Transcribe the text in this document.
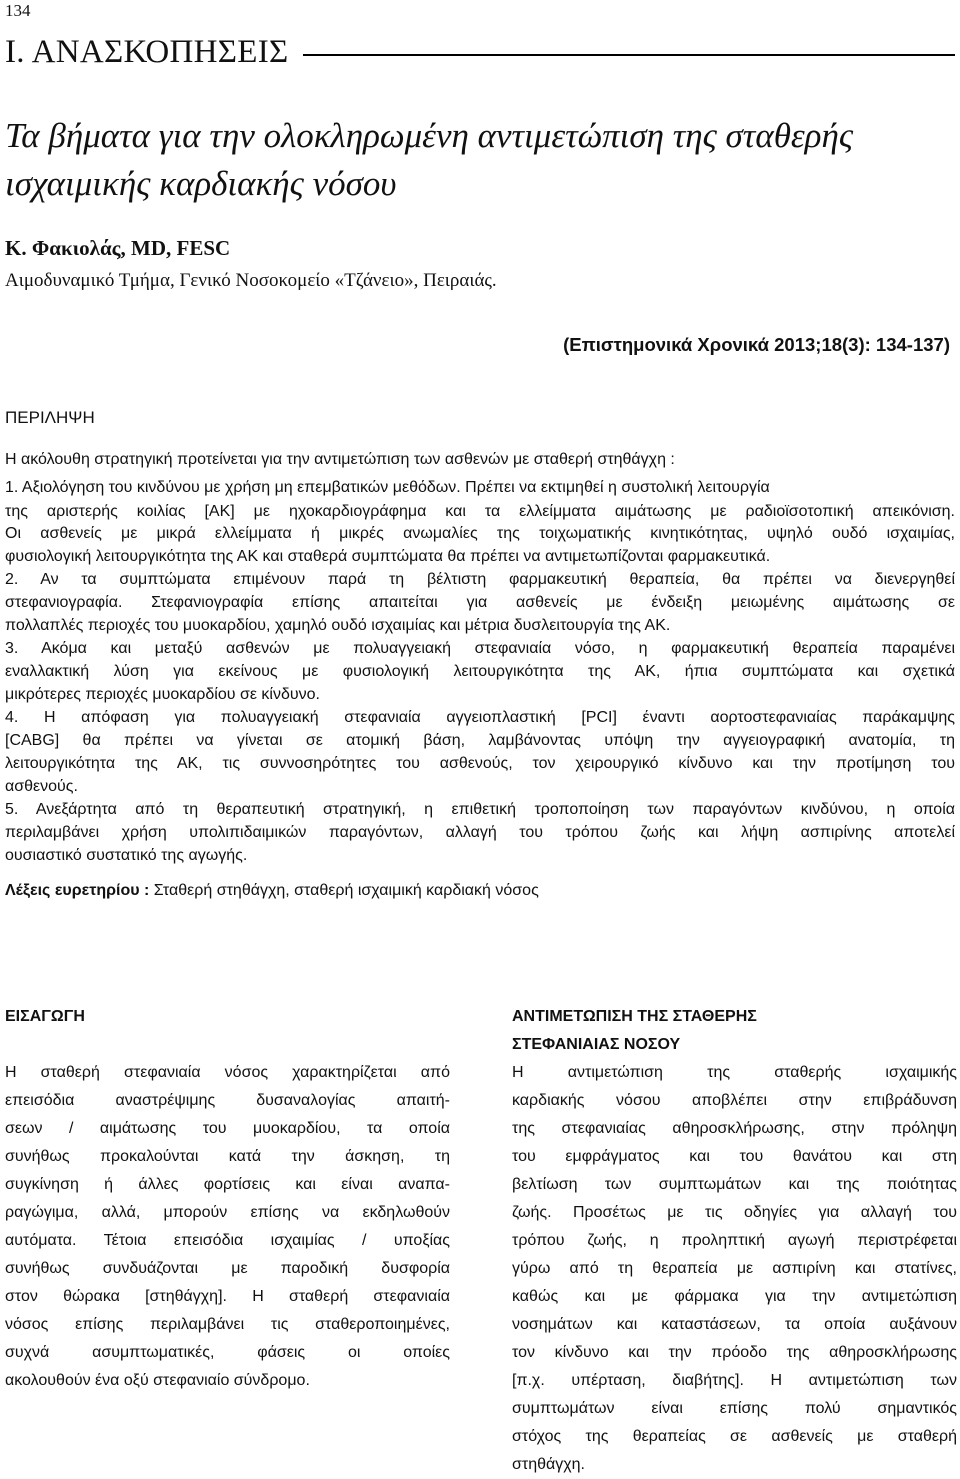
134
Ι. ΑΝΑΣΚΟΠΗΣΕΙΣ
Τα βήματα για την ολοκληρωμένη αντιμετώπιση της σταθερής
ισχαιμικής καρδιακής νόσου
Κ. Φακιολάς, MD, FESC
Αιμοδυναμικό Τμήμα, Γενικό Νοσοκομείο «Τζάνειο», Πειραιάς.
(Επιστημονικά Χρονικά 2013;18(3): 134-137)
ΠΕΡΙΛΗΨΗ
Η ακόλουθη στρατηγική προτείνεται για την αντιμετώπιση των ασθενών με σταθερή στηθάγχη :
1. Αξιολόγηση του κινδύνου με χρήση μη επεμβατικών μεθόδων. Πρέπει να εκτιμηθεί η συστολική λειτουργία
της αριστερής κοιλίας [ΑΚ] με ηχοκαρδιογράφημα και τα ελλείμματα αιμάτωσης με ραδιοϊσοτοπική απεικόνιση.
Οι ασθενείς με μικρά ελλείμματα ή μικρές ανωμαλίες της τοιχωματικής κινητικότητας, υψηλό ουδό ισχαιμίας,
φυσιολογική λειτουργικότητα της ΑΚ και σταθερά συμπτώματα θα πρέπει να αντιμετωπίζονται φαρμακευτικά.
2. Αν τα συμπτώματα επιμένουν παρά τη βέλτιστη φαρμακευτική θεραπεία, θα πρέπει να διενεργηθεί
στεφανιογραφία. Στεφανιογραφία επίσης απαιτείται για ασθενείς με ένδειξη μειωμένης αιμάτωσης σε
πολλαπλές περιοχές του μυοκαρδίου, χαμηλό ουδό ισχαιμίας και μέτρια δυσλειτουργία της ΑΚ.
3. Ακόμα και μεταξύ ασθενών με πολυαγγειακή στεφανιαία νόσο, η φαρμακευτική θεραπεία παραμένει
εναλλακτική λύση για εκείνους με φυσιολογική λειτουργικότητα της ΑΚ, ήπια συμπτώματα και σχετικά
μικρότερες περιοχές μυοκαρδίου σε κίνδυνο.
4. Η απόφαση για πολυαγγειακή στεφανιαία αγγειοπλαστική [PCI] έναντι αορτοστεφανιαίας παράκαμψης
[CABG] θα πρέπει να γίνεται σε ατομική βάση, λαμβάνοντας υπόψη την αγγειογραφική ανατομία, τη
λειτουργικότητα της ΑΚ, τις συννοσηρότητες του ασθενούς, τον χειρουργικό κίνδυνο και την προτίμηση του
ασθενούς.
5. Ανεξάρτητα από τη θεραπευτική στρατηγική, η επιθετική τροποποίηση των παραγόντων κινδύνου, η οποία
περιλαμβάνει χρήση υπολιπιδαιμικών παραγόντων, αλλαγή του τρόπου ζωής και λήψη ασπιρίνης αποτελεί
ουσιαστικό συστατικό της αγωγής.
Λέξεις ευρετηρίου : Σταθερή στηθάγχη, σταθερή ισχαιμική καρδιακή νόσος
ΕΙΣΑΓΩΓΗ
Η σταθερή στεφανιαία νόσος χαρακτηρίζεται από
επεισόδια αναστρέψιμης δυσαναλογίας απαιτή-
σεων / αιμάτωσης του μυοκαρδίου, τα οποία
συνήθως προκαλούνται κατά την άσκηση, τη
συγκίνηση ή άλλες φορτίσεις και είναι αναπα-
ραγώγιμα, αλλά, μπορούν επίσης να εκδηλωθούν
αυτόματα. Τέτοια επεισόδια ισχαιμίας / υποξίας
συνήθως συνδυάζονται με παροδική δυσφορία
στον θώρακα [στηθάγχη]. Η σταθερή στεφανιαία
νόσος επίσης περιλαμβάνει τις σταθεροποιημένες,
συχνά ασυμπτωματικές, φάσεις οι οποίες
ακολουθούν ένα οξύ στεφανιαίο σύνδρομο.
ΑΝΤΙΜΕΤΩΠΙΣΗ ΤΗΣ ΣΤΑΘΕΡΗΣ
ΣΤΕΦΑΝΙΑΙΑΣ ΝΟΣΟΥ
Η αντιμετώπιση της σταθερής ισχαιμικής
καρδιακής νόσου αποβλέπει στην επιβράδυνση
της στεφανιαίας αθηροσκλήρωσης, στην πρόληψη
του εμφράγματος και του θανάτου και στη
βελτίωση των συμπτωμάτων και της ποιότητας
ζωής. Προσέτως με τις οδηγίες για αλλαγή του
τρόπου ζωής, η προληπτική αγωγή περιστρέφεται
γύρω από τη θεραπεία με ασπιρίνη και στατίνες,
καθώς και με φάρμακα για την αντιμετώπιση
νοσημάτων και καταστάσεων, τα οποία αυξάνουν
τον κίνδυνο και την πρόοδο της αθηροσκλήρωσης
[π.χ. υπέρταση, διαβήτης]. Η αντιμετώπιση των
συμπτωμάτων είναι επίσης πολύ σημαντικός
στόχος της θεραπείας σε ασθενείς με σταθερή
στηθάγχη.
